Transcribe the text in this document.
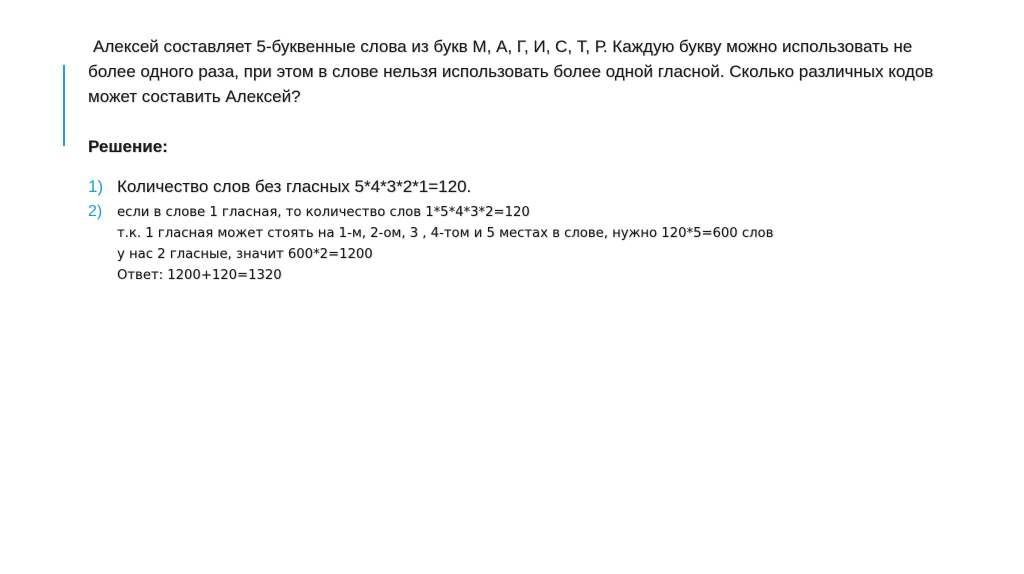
Алексей составляет 5-буквенные слова из букв М, А, Г, И, С, Т, Р. Каждую букву можно использовать не
более одного раза, при этом в слове нельзя использовать более одной гласной. Сколько различных кодов
может составить Алексей?
Решение:
1) Количество слов без гласных 5*4*3*2*1=120.
2) если в слове 1 гласная, то количество слов 1*5*4*3*2=120
т.к. 1 гласная может стоять на 1-м, 2-ом, 3 , 4-том и 5 местах в слове, нужно 120*5=600 слов
у нас 2 гласные, значит 600*2=1200
Ответ: 1200+120=1320
